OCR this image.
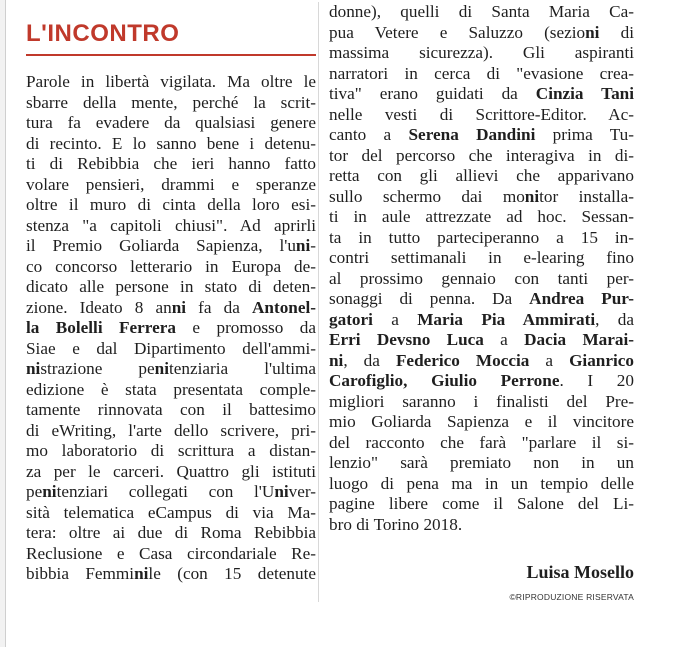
L'INCONTRO
Parole in libertà vigilata. Ma oltre le
sbarre della mente, perché la scrit-
tura fa evadere da qualsiasi genere
di recinto. E lo sanno bene i detenu-
ti di Rebibbia che ieri hanno fatto
volare pensieri, drammi e speranze
oltre il muro di cinta della loro esi-
stenza "a capitoli chiusi". Ad aprirli
il Premio Goliarda Sapienza, l'uni-
co concorso letterario in Europa de-
dicato alle persone in stato di deten-
zione. Ideato 8 anni fa da Antonel-
la Bolelli Ferrera e promosso da
Siae e dal Dipartimento dell'ammi-
nistrazione penitenziaria l'ultima
edizione è stata presentata comple-
tamente rinnovata con il battesimo
di eWriting, l'arte dello scrivere, pri-
mo laboratorio di scrittura a distan-
za per le carceri. Quattro gli istituti
penitenziari collegati con l'Univer-
sità telematica eCampus di via Ma-
tera: oltre ai due di Roma Rebibbia
Reclusione e Casa circondariale Re-
bibbia Femminile (con 15 detenute
donne), quelli di Santa Maria Ca-
pua Vetere e Saluzzo (sezioni di
massima sicurezza). Gli aspiranti
narratori in cerca di "evasione crea-
tiva" erano guidati da Cinzia Tani
nelle vesti di Scrittore-Editor. Ac-
canto a Serena Dandini prima Tu-
tor del percorso che interagiva in di-
retta con gli allievi che apparivano
sullo schermo dai monitor installa-
ti in aule attrezzate ad hoc. Sessan-
ta in tutto parteciperanno a 15 in-
contri settimanali in e-learing fino
al prossimo gennaio con tanti per-
sonaggi di penna. Da Andrea Pur-
gatori a Maria Pia Ammirati, da
Erri Devsno Luca a Dacia Marai-
ni, da Federico Moccia a Gianrico
Carofiglio, Giulio Perrone. I 20
migliori saranno i finalisti del Pre-
mio Goliarda Sapienza e il vincitore
del racconto che farà "parlare il si-
lenzio" sarà premiato non in un
luogo di pena ma in un tempio delle
pagine libere come il Salone del Li-
bro di Torino 2018.
Luisa Mosello
©RIPRODUZIONE RISERVATA
